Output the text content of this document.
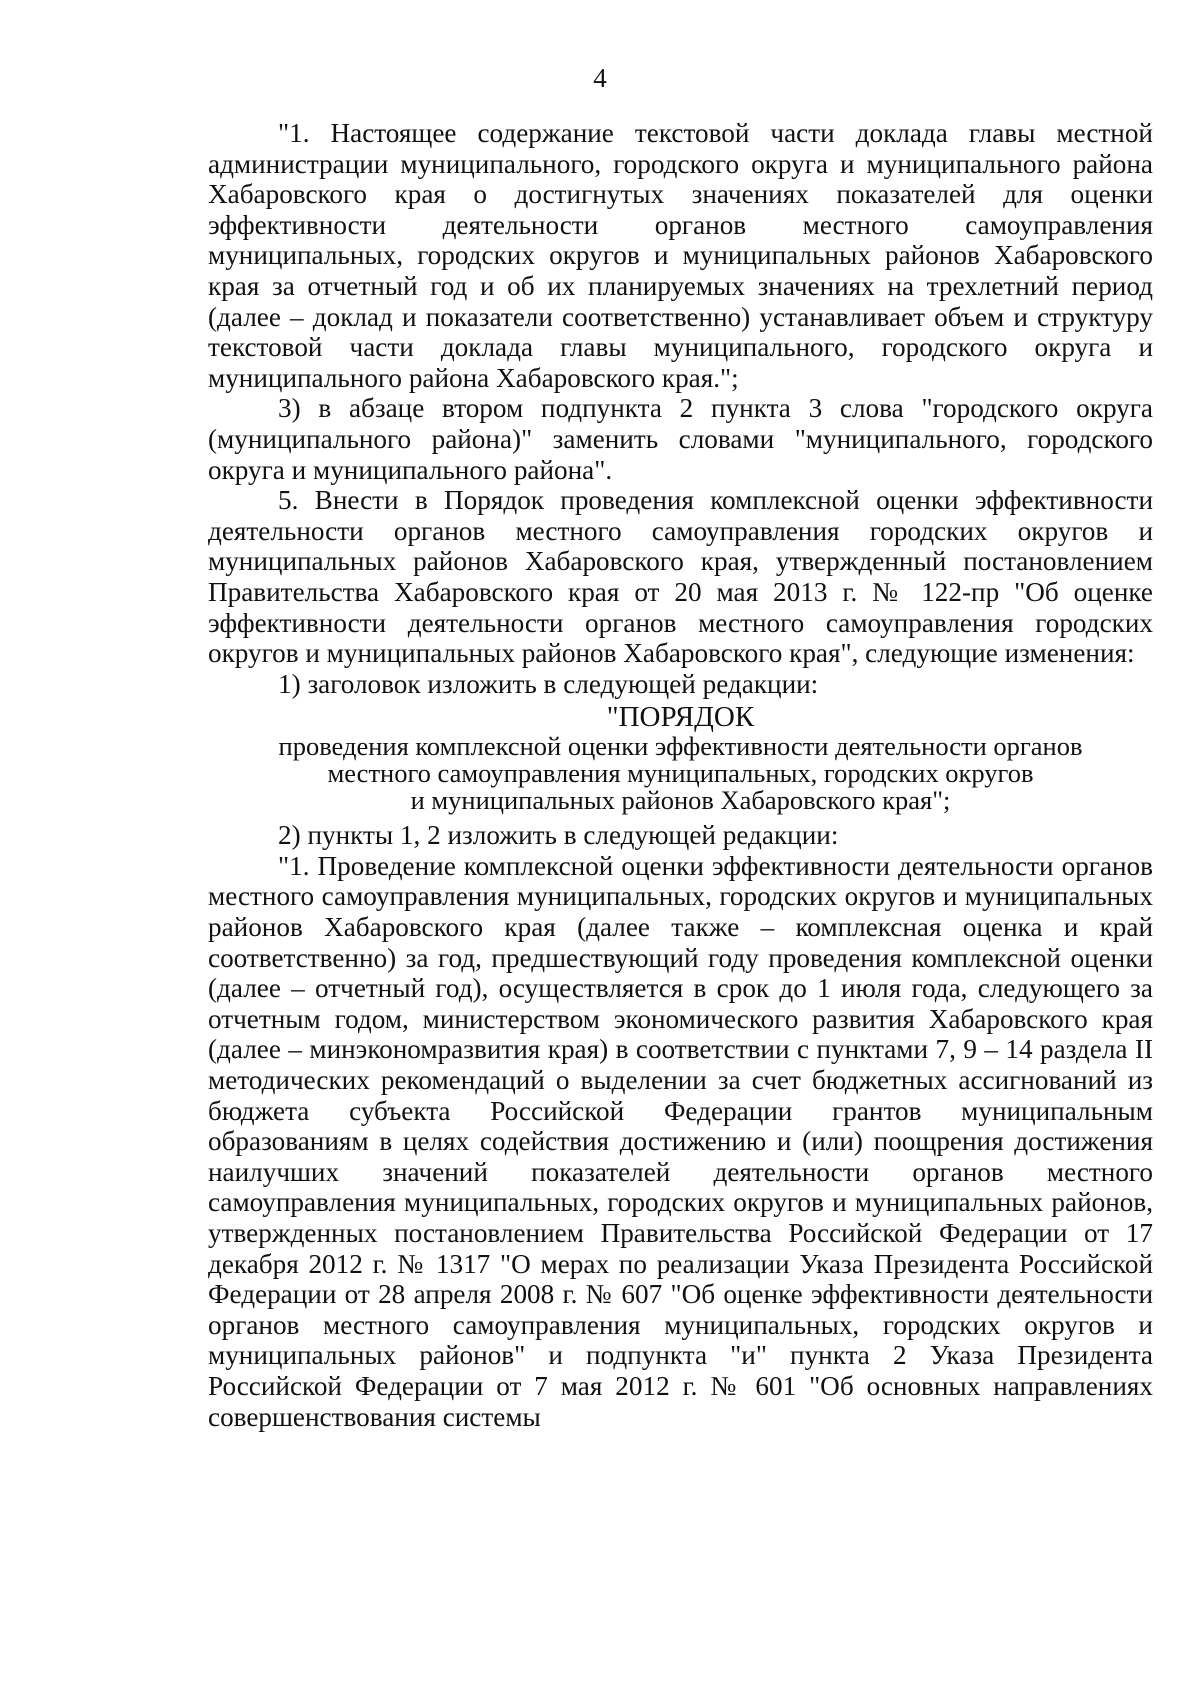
4

"1. Настоящее содержание текстовой части доклада главы местной администрации муниципального, городского округа и муниципального района Хабаровского края о достигнутых значениях показателей для оценки эффективности деятельности органов местного самоуправления муниципальных, городских округов и муниципальных районов Хабаровского края за отчетный год и об их планируемых значениях на трехлетний период (далее – доклад и показатели соответственно) устанавливает объем и структуру текстовой части доклада главы муниципального, городского округа и муниципального района Хабаровского края.";

3) в абзаце втором подпункта 2 пункта 3 слова "городского округа (муниципального района)" заменить словами "муниципального, городского округа и муниципального района".

5. Внести в Порядок проведения комплексной оценки эффективности деятельности органов местного самоуправления городских округов и муниципальных районов Хабаровского края, утвержденный постановлением Правительства Хабаровского края от 20 мая 2013 г. № 122-пр "Об оценке эффективности деятельности органов местного самоуправления городских округов и муниципальных районов Хабаровского края", следующие изменения:

1) заголовок изложить в следующей редакции:

"ПОРЯДОК

проведения комплексной оценки эффективности деятельности органов

местного самоуправления муниципальных, городских округов

и муниципальных районов Хабаровского края";

2) пункты 1, 2 изложить в следующей редакции:

"1. Проведение комплексной оценки эффективности деятельности органов местного самоуправления муниципальных, городских округов и муниципальных районов Хабаровского края (далее также – комплексная оценка и край соответственно) за год, предшествующий году проведения комплексной оценки (далее – отчетный год), осуществляется в срок до 1 июля года, следующего за отчетным годом, министерством экономического развития Хабаровского края (далее – минэкономразвития края) в соответствии с пунктами 7, 9 – 14 раздела II методических рекомендаций о выделении за счет бюджетных ассигнований из бюджета субъекта Российской Федерации грантов муниципальным образованиям в целях содействия достижению и (или) поощрения достижения наилучших значений показателей деятельности органов местного самоуправления муниципальных, городских округов и муниципальных районов, утвержденных постановлением Правительства Российской Федерации от 17 декабря 2012 г. № 1317 "О мерах по реализации Указа Президента Российской Федерации от 28 апреля 2008 г. № 607 "Об оценке эффективности деятельности органов местного самоуправления муниципальных, городских округов и муниципальных районов" и подпункта "и" пункта 2 Указа Президента Российской Федерации от 7 мая 2012 г. № 601 "Об основных направлениях совершенствования системы
